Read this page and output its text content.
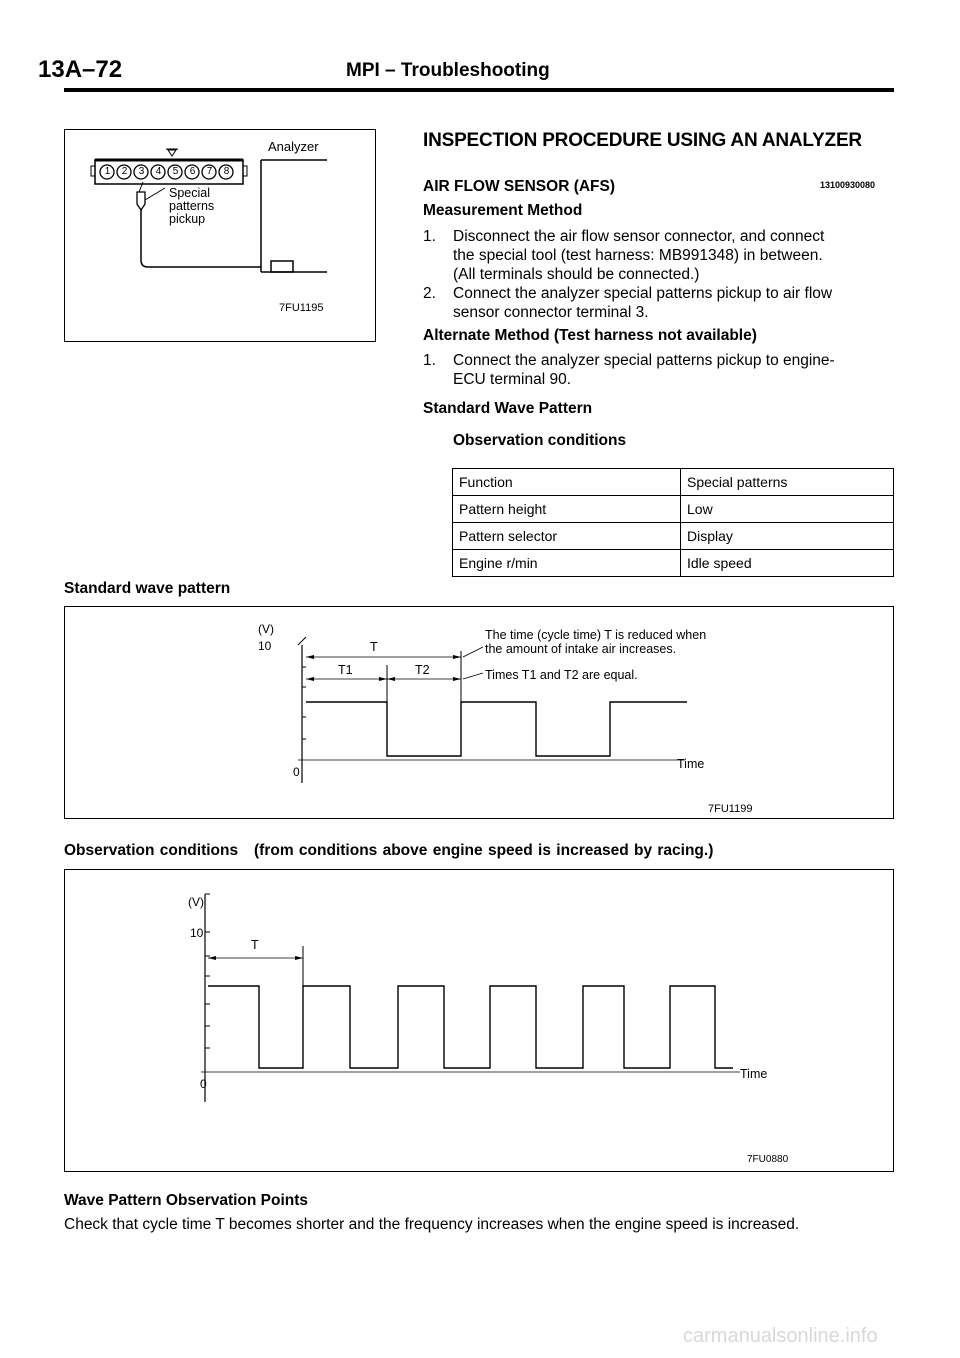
13A–72	MPI – Troubleshooting
Analyzer
1	2	3	4	5	6	7	8
Special
patterns
pickup
7FU1195
INSPECTION PROCEDURE USING AN ANALYZER
13100930080
AIR FLOW SENSOR (AFS)
Measurement Method
1.	Disconnect the air flow sensor connector, and connect
the special tool (test harness: MB991348) in between.
(All terminals should be connected.)
2.	Connect the analyzer special patterns pickup to air flow
sensor connector terminal 3.
Alternate Method (Test harness not available)
1.	Connect the analyzer special patterns pickup to engine-
ECU terminal 90.
Standard Wave Pattern
Observation conditions
Function	Special patterns
Pattern height	Low
Pattern selector	Display
Engine r/min	Idle speed
Standard wave pattern
(V)
10
0
Time
T
T1	T2
The time (cycle time) T is reduced when
the amount of intake air increases.
Times T1 and T2 are equal.
7FU1199
Observation conditions   (from conditions above engine speed is increased by racing.)
(V)
10
0
Time
T
7FU0880
Wave Pattern Observation Points
Check that cycle time T becomes shorter and the frequency increases when the engine speed is increased.
carmanualsonline.info
